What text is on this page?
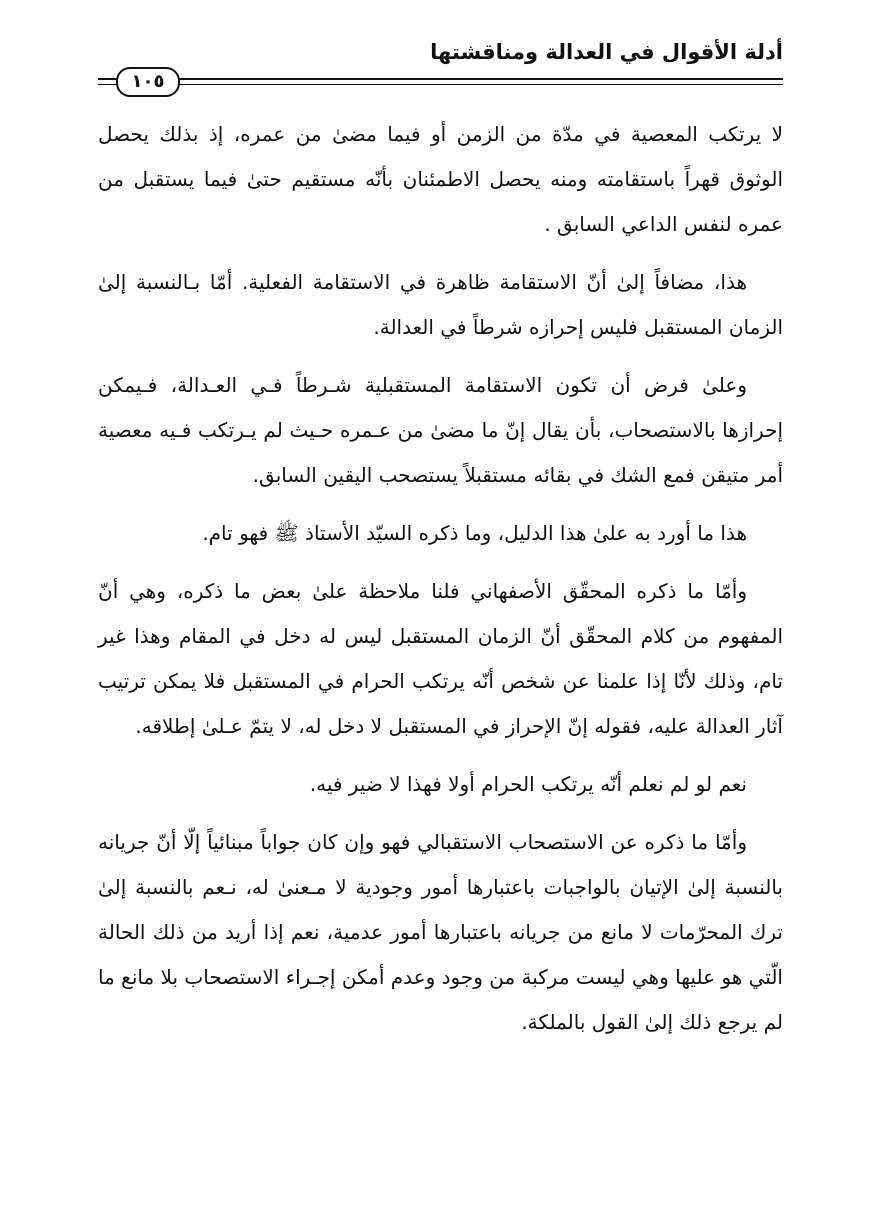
أدلة الأقوال في العدالة ومناقشتها
١٠٥

لا يرتكب المعصية في مدّة من الزمن أو فيما مضىٰ من عمره، إذ بذلك يحصل الوثوق قهراً باستقامته ومنه يحصل الاطمئنان بأنّه مستقيم حتىٰ فيما يستقبل من عمره لنفس الداعي السابق .

هذا، مضافاً إلىٰ أنّ الاستقامة ظاهرة في الاستقامة الفعلية. أمّا بـالنسبة إلىٰ الزمان المستقبل فليس إحرازه شرطاً في العدالة.

وعلىٰ فرض أن تكون الاستقامة المستقبلية شـرطاً فـي العـدالة، فـيمكن إحرازها بالاستصحاب، بأن يقال إنّ ما مضىٰ من عـمره حـيث لم يـرتكب فـيه معصية أمر متيقن فمع الشك في بقائه مستقبلاً يستصحب اليقين السابق.

هذا ما أورد به علىٰ هذا الدليل، وما ذكره السيّد الأستاذ ﷺ فهو تام.

وأمّا ما ذكره المحقّق الأصفهاني فلنا ملاحظة علىٰ بعض ما ذكره، وهي أنّ المفهوم من كلام المحقّق أنّ الزمان المستقبل ليس له دخل في المقام وهذا غير تام، وذلك لأنّا إذا علمنا عن شخص أنّه يرتكب الحرام في المستقبل فلا يمكن ترتيب آثار العدالة عليه، فقوله إنّ الإحراز في المستقبل لا دخل له، لا يتمّ عـلىٰ إطلاقه.

نعم لو لم نعلم أنّه يرتكب الحرام أولا فهذا لا ضير فيه.

وأمّا ما ذكره عن الاستصحاب الاستقبالي فهو وإن كان جواباً مبنائياً إلّا أنّ جريانه بالنسبة إلىٰ الإتيان بالواجبات باعتبارها أمور وجودية لا مـعنىٰ له، نـعم بالنسبة إلىٰ ترك المحرّمات لا مانع من جريانه باعتبارها أمور عدمية، نعم إذا أريد من ذلك الحالة الّتي هو عليها وهي ليست مركبة من وجود وعدم أمكن إجـراء الاستصحاب بلا مانع ما لم يرجع ذلك إلىٰ القول بالملكة.
